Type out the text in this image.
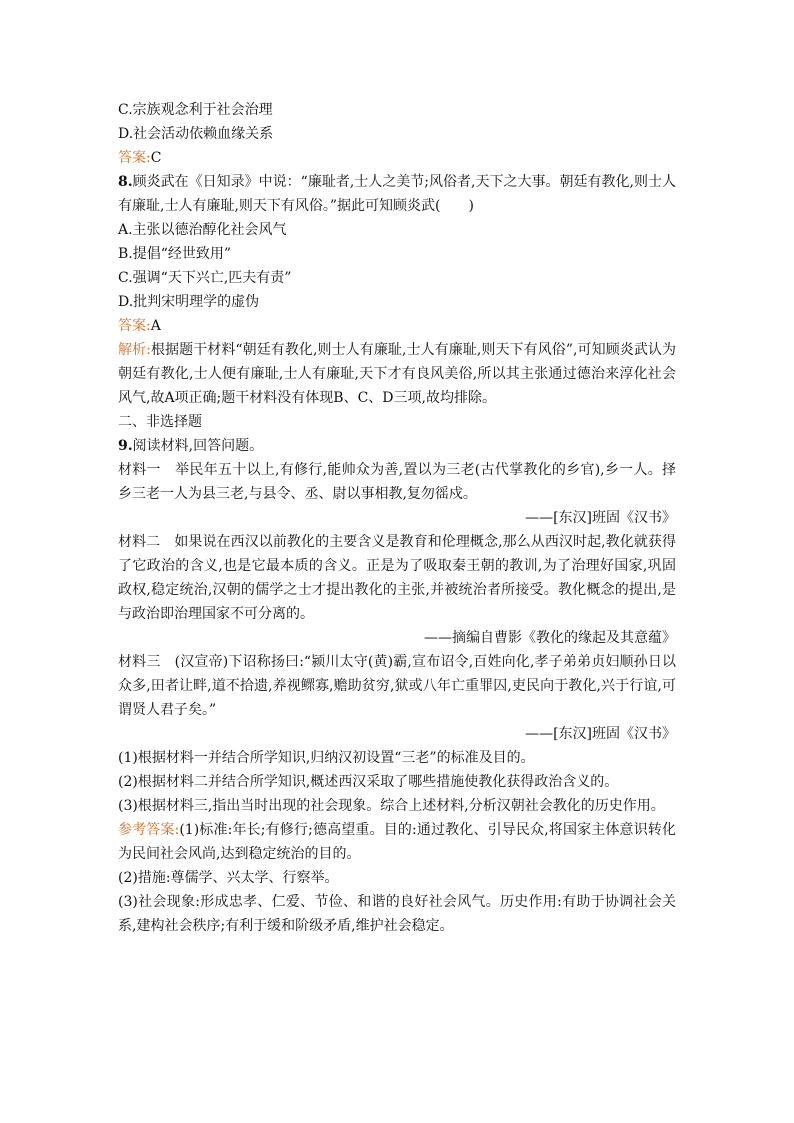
C.宗族观念利于社会治理

D.社会活动依赖血缘关系

答案:C

8.顾炎武在《日知录》中说：“廉耻者,士人之美节;风俗者,天下之大事。朝廷有教化,则士人有廉耻,士人有廉耻,则天下有风俗。”据此可知顾炎武(　　)

A.主张以德治醇化社会风气

B.提倡“经世致用”

C.强调“天下兴亡,匹夫有责”

D.批判宋明理学的虚伪

答案:A

解析:根据题干材料“朝廷有教化,则士人有廉耻,士人有廉耻,则天下有风俗”,可知顾炎武认为朝廷有教化,士人便有廉耻,士人有廉耻,天下才有良风美俗,所以其主张通过德治来淳化社会风气,故A项正确;题干材料没有体现B、C、D三项,故均排除。

二、非选择题

9.阅读材料,回答问题。

材料一　 举民年五十以上,有修行,能帅众为善,置以为三老(古代掌教化的乡官),乡一人。择乡三老一人为县三老,与县令、丞、尉以事相教,复勿徭戍。

——[东汉]班固《汉书》

材料二　 如果说在西汉以前教化的主要含义是教育和伦理概念,那么从西汉时起,教化就获得了它政治的含义,也是它最本质的含义。正是为了吸取秦王朝的教训,为了治理好国家,巩固政权,稳定统治,汉朝的儒学之士才提出教化的主张,并被统治者所接受。教化概念的提出,是与政治即治理国家不可分离的。

——摘编自曹影《教化的缘起及其意蕴》

材料三　 (汉宣帝)下诏称扬曰:“颍川太守(黄)霸,宣布诏令,百姓向化,孝子弟弟贞妇顺孙日以众多,田者让畔,道不拾遗,养视鳏寡,赡助贫穷,狱或八年亡重罪囚,吏民向于教化,兴于行谊,可谓贤人君子矣。”

——[东汉]班固《汉书》

(1)根据材料一并结合所学知识,归纳汉初设置“三老”的标准及目的。

(2)根据材料二并结合所学知识,概述西汉采取了哪些措施使教化获得政治含义的。

(3)根据材料三,指出当时出现的社会现象。综合上述材料,分析汉朝社会教化的历史作用。

参考答案:(1)标准:年长;有修行;德高望重。目的:通过教化、引导民众,将国家主体意识转化为民间社会风尚,达到稳定统治的目的。

(2)措施:尊儒学、兴太学、行察举。

(3)社会现象:形成忠孝、仁爱、节俭、和谐的良好社会风气。历史作用:有助于协调社会关系,建构社会秩序;有利于缓和阶级矛盾,维护社会稳定。
